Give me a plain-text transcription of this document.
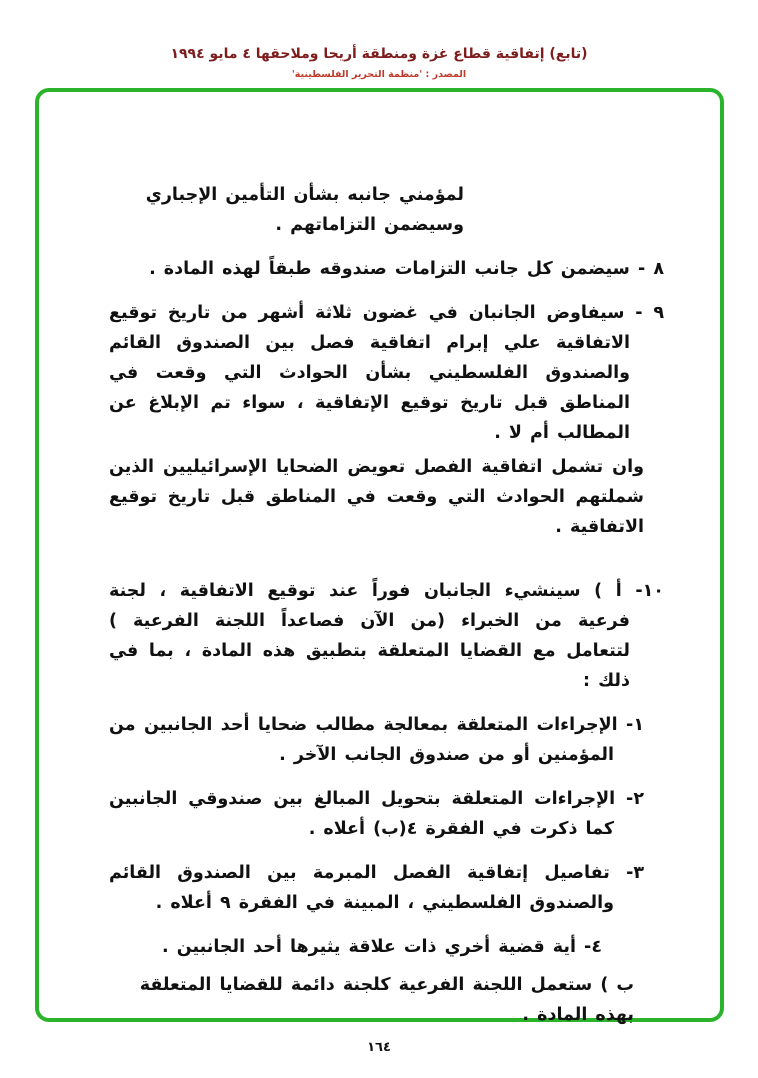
(تابع) إتفاقية قطاع غزة ومنطقة أريحا وملاحقها ٤ مايو ١٩٩٤
المصدر : 'منظمة التحرير الفلسطينية'

لمؤمني جانبه بشأن التأمين الإجباري وسيضمن التزاماتهم .

٨ - سيضمن كل جانب التزامات صندوقه طبقاً لهذه المادة .

٩ - سيفاوض الجانبان في غضون ثلاثة أشهر من تاريخ توقيع الاتفاقية علي إبرام اتفاقية فصل بين الصندوق القائم والصندوق الفلسطيني بشأن الحوادث التي وقعت في المناطق قبل تاريخ توقيع الإتفاقية ، سواء تم الإبلاغ عن المطالب أم لا .

وان تشمل اتفاقية الفصل تعويض الضحايا الإسرائيليين الذين شملتهم الحوادث التي وقعت في المناطق قبل تاريخ توقيع الاتفاقية .

١٠- أ ) سينشيء الجانبان فوراً عند توقيع الاتفاقية ، لجنة فرعية من الخبراء (من الآن فصاعداً اللجنة الفرعية ) لتتعامل مع القضايا المتعلقة بتطبيق هذه المادة ، بما في ذلك :

١- الإجراءات المتعلقة بمعالجة مطالب ضحايا أحد الجانبين من المؤمنين أو من صندوق الجانب الآخر .

٢- الإجراءات المتعلقة بتحويل المبالغ بين صندوقي الجانبين كما ذكرت في الفقرة ٤(ب) أعلاه .

٣- تفاصيل إتفاقية الفصل المبرمة بين الصندوق القائم والصندوق الفلسطيني ، المبينة في الفقرة ٩ أعلاه .

٤- أية قضية أخري ذات علاقة يثيرها أحد الجانبين .

ب ) ستعمل اللجنة الفرعية كلجنة دائمة للقضايا المتعلقة بهذه المادة .

١٦٤
